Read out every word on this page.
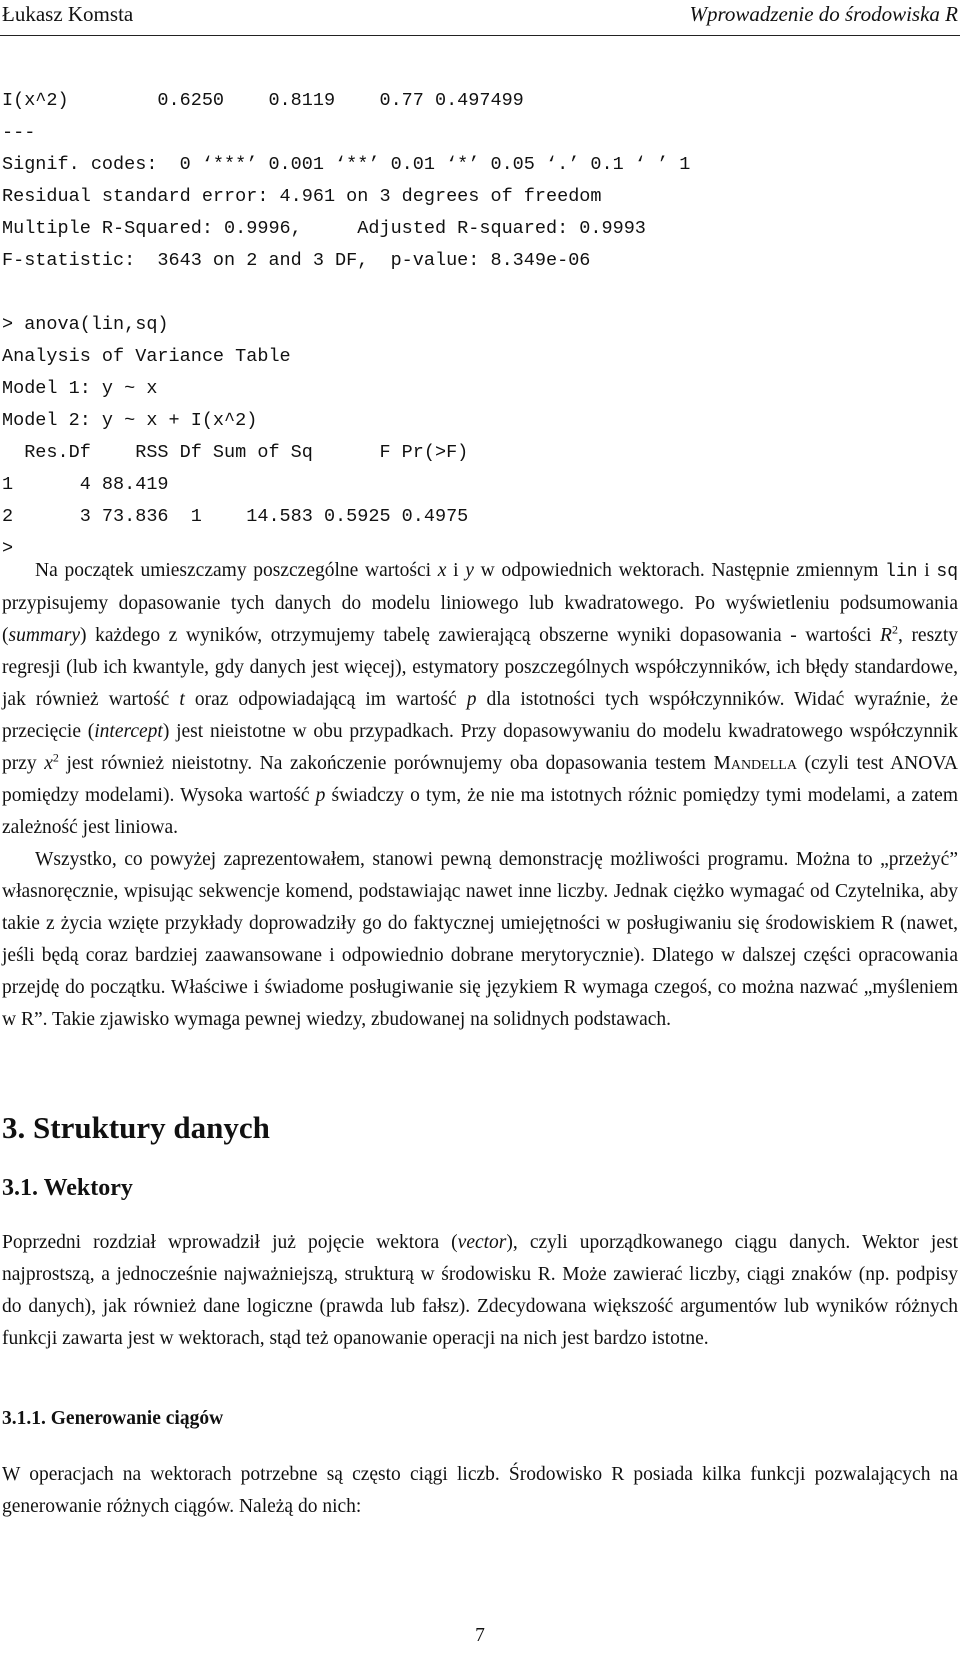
Łukasz Komsta	Wprowadzenie do środowiska R
I(x^2)        0.6250    0.8119    0.77 0.497499
---
Signif. codes:  0 ‘***’ 0.001 ‘**’ 0.01 ‘*’ 0.05 ‘.’ 0.1 ‘ ’ 1
Residual standard error: 4.961 on 3 degrees of freedom
Multiple R-Squared: 0.9996,     Adjusted R-squared: 0.9993
F-statistic:  3643 on 2 and 3 DF,  p-value: 8.349e-06
> anova(lin,sq)
Analysis of Variance Table
Model 1: y ~ x
Model 2: y ~ x + I(x^2)
Res.Df    RSS Df Sum of Sq      F Pr(>F)
1      4 88.419
2      3 73.836  1    14.583 0.5925 0.4975
>

Na początek umieszczamy poszczególne wartości x i y w odpowiednich wektorach. Następnie zmiennym lin i sq przypisujemy dopasowanie tych danych do modelu liniowego lub kwadratowego. Po wyświetleniu podsumowania (summary) każdego z wyników, otrzymujemy tabelę zawierającą obszerne wyniki dopasowania - wartości $R^2$, reszty regresji (lub ich kwantyle, gdy danych jest więcej), estymatory poszczególnych współczynników, ich błędy standardowe, jak również wartość t oraz odpowiadającą im wartość p dla istotności tych współczynników. Widać wyraźnie, że przecięcie (intercept) jest nieistotne w obu przypadkach. Przy dopasowywaniu do modelu kwadratowego współczynnik przy $x^2$ jest również nieistotny. Na zakończenie porównujemy oba dopasowania testem Mandella (czyli test ANOVA pomiędzy modelami). Wysoka wartość p świadczy o tym, że nie ma istotnych różnic pomiędzy tymi modelami, a zatem zależność jest liniowa.

Wszystko, co powyżej zaprezentowałem, stanowi pewną demonstrację możliwości programu. Można to „przeżyć” własnoręcznie, wpisując sekwencje komend, podstawiając nawet inne liczby. Jednak ciężko wymagać od Czytelnika, aby takie z życia wzięte przykłady doprowadziły go do faktycznej umiejętności w posługiwaniu się środowiskiem R (nawet, jeśli będą coraz bardziej zaawansowane i odpowiednio dobrane merytorycznie). Dlatego w dalszej części opracowania przejdę do początku. Właściwe i świadome posługiwanie się językiem R wymaga czegoś, co można nazwać „myśleniem w R”. Takie zjawisko wymaga pewnej wiedzy, zbudowanej na solidnych podstawach.

3. Struktury danych
3.1. Wektory

Poprzedni rozdział wprowadził już pojęcie wektora (vector), czyli uporządkowanego ciągu danych. Wektor jest najprostszą, a jednocześnie najważniejszą, strukturą w środowisku R. Może zawierać liczby, ciągi znaków (np. podpisy do danych), jak również dane logiczne (prawda lub fałsz). Zdecydowana większość argumentów lub wyników różnych funkcji zawarta jest w wektorach, stąd też opanowanie operacji na nich jest bardzo istotne.

3.1.1. Generowanie ciągów

W operacjach na wektorach potrzebne są często ciągi liczb. Środowisko R posiada kilka funkcji pozwalających na generowanie różnych ciągów. Należą do nich:

7
